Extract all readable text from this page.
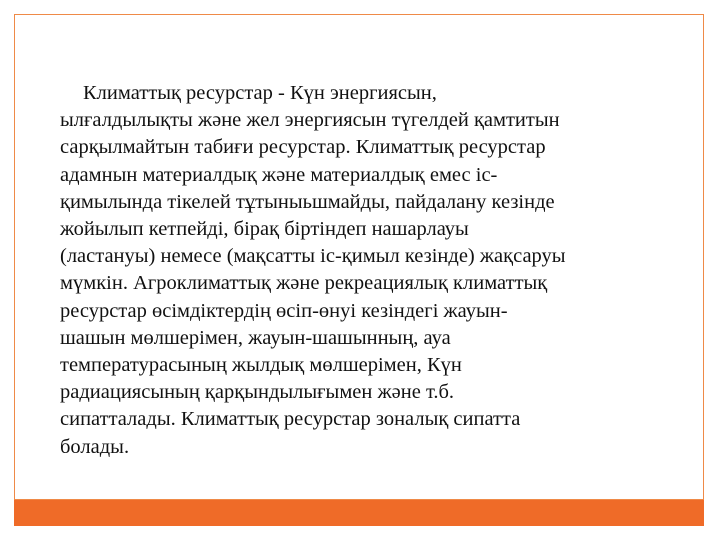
Климаттық ресурстар - Күн энергиясын,
ылғалдылықты және жел энергиясын түгелдей қамтитын
сарқылмайтын табиғи ресурстар. Климаттық ресурстар
адамнын материалдық және материалдық емес іс-
қимылында тікелей тұтыныьшмайды, пайдалану кезінде
жойылып кетпейді, бірақ біртіндеп нашарлауы
(ластануы) немесе (мақсатты іс-қимыл кезінде) жақсаруы
мүмкін. Агроклиматтық және рекреациялық климаттық
ресурстар өсімдіктердің өсіп-өнуі кезіндегі жауын-
шашын мөлшерімен, жауын-шашынның, ауа
температурасының жылдық мөлшерімен, Күн
радиациясының қарқындылығымен және т.б.
сипатталады. Климаттық ресурстар зоналық сипатта
болады.
